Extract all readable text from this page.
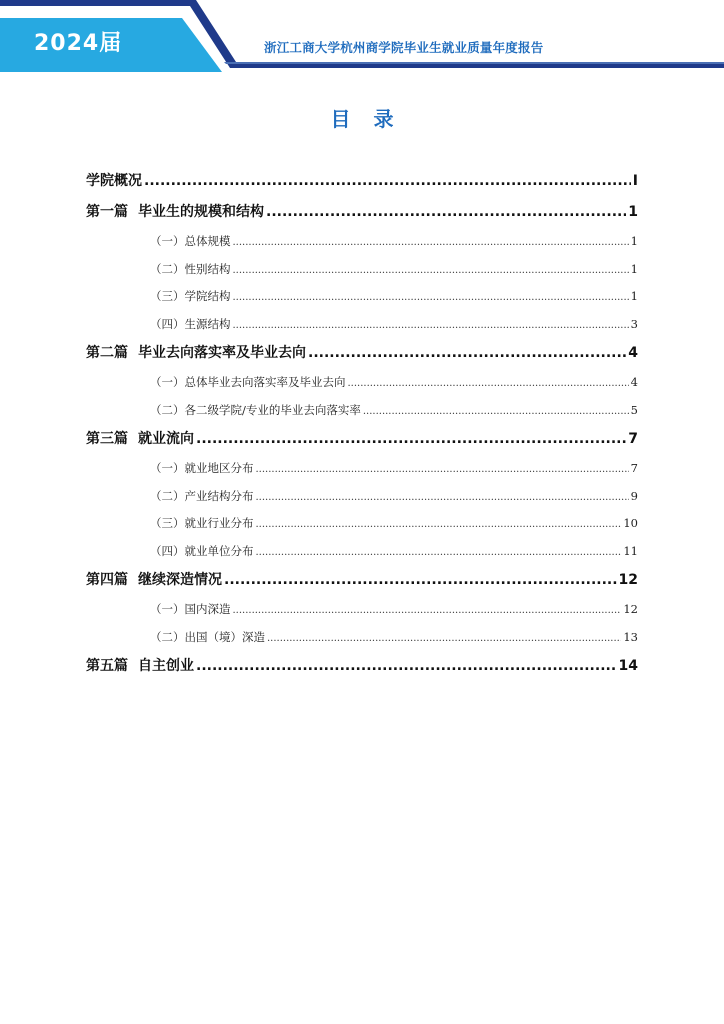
2024届	浙江工商大学杭州商学院毕业生就业质量年度报告
目 录
学院概况 .....	I
第一篇 毕业生的规模和结构 .....	1
（一）总体规模 .....	1
（二）性别结构 .....	1
（三）学院结构 .....	1
（四）生源结构 .....	3
第二篇 毕业去向落实率及毕业去向 .....	4
（一）总体毕业去向落实率及毕业去向 .....	4
（二）各二级学院/专业的毕业去向落实率 .....	5
第三篇 就业流向 .....	7
（一）就业地区分布 .....	7
（二）产业结构分布 .....	9
（三）就业行业分布 .....	10
（四）就业单位分布 .....	11
第四篇 继续深造情况 .....	12
（一）国内深造 .....	12
（二）出国（境）深造 .....	13
第五篇 自主创业 .....	14
